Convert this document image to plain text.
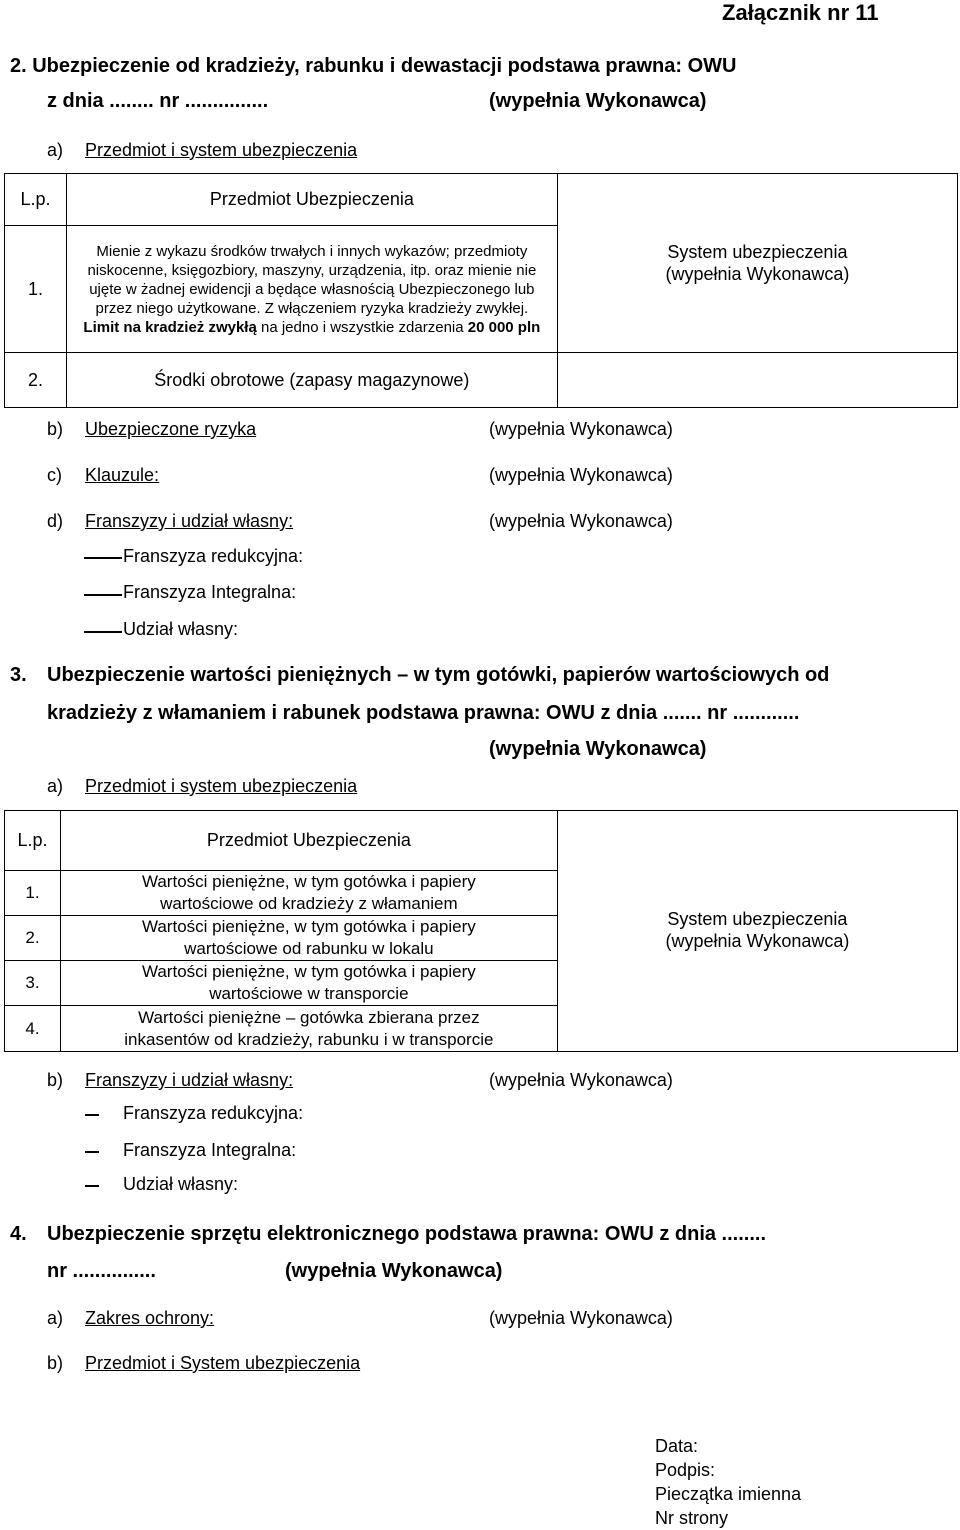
Załącznik nr 11
2. Ubezpieczenie od kradzieży, rabunku i dewastacji podstawa prawna: OWU
z dnia ........ nr ...............	(wypełnia Wykonawca)
a) Przedmiot i system ubezpieczenia
L.p.	Przedmiot Ubezpieczenia	System ubezpieczenia
(wypełnia Wykonawca)

1.	Mienie z wykazu środków trwałych i innych wykazów; przedmioty niskocenne, księgozbiory, maszyny, urządzenia, itp. oraz mienie nie ujęte w żadnej ewidencji a będące własnością Ubezpieczonego lub przez niego użytkowane. Z włączeniem ryzyka kradzieży zwykłej. Limit na kradzież zwykłą na jedno i wszystkie zdarzenia 20 000 pln	

2.	Środki obrotowe (zapasy magazynowe)	
b) Ubezpieczone ryzyka	(wypełnia Wykonawca)
c) Klauzule:	(wypełnia Wykonawca)
d) Franszyzy i udział własny:	(wypełnia Wykonawca)
Franszyza redukcyjna:
Franszyza Integralna:
Udział własny:
3. Ubezpieczenie wartości pieniężnych – w tym gotówki, papierów wartościowych od
kradzieży z włamaniem i rabunek podstawa prawna: OWU z dnia ....... nr ............
(wypełnia Wykonawca)
a) Przedmiot i system ubezpieczenia
L.p.	Przedmiot Ubezpieczenia	System ubezpieczenia
(wypełnia Wykonawca)

1.	Wartości pieniężne, w tym gotówka i papiery
wartościowe od kradzieży z włamaniem	

2.	Wartości pieniężne, w tym gotówka i papiery
wartościowe od rabunku w lokalu	

3.	Wartości pieniężne, w tym gotówka i papiery
wartościowe w transporcie	

4.	Wartości pieniężne – gotówka zbierana przez
inkasentów od kradzieży, rabunku i w transporcie	
b) Franszyzy i udział własny:	(wypełnia Wykonawca)
Franszyza redukcyjna:
Franszyza Integralna:
Udział własny:
4. Ubezpieczenie sprzętu elektronicznego podstawa prawna: OWU z dnia ........
nr ...............	(wypełnia Wykonawca)
a) Zakres ochrony:	(wypełnia Wykonawca)
b) Przedmiot i System ubezpieczenia
Data:
Podpis:
Pieczątka imienna
Nr strony
